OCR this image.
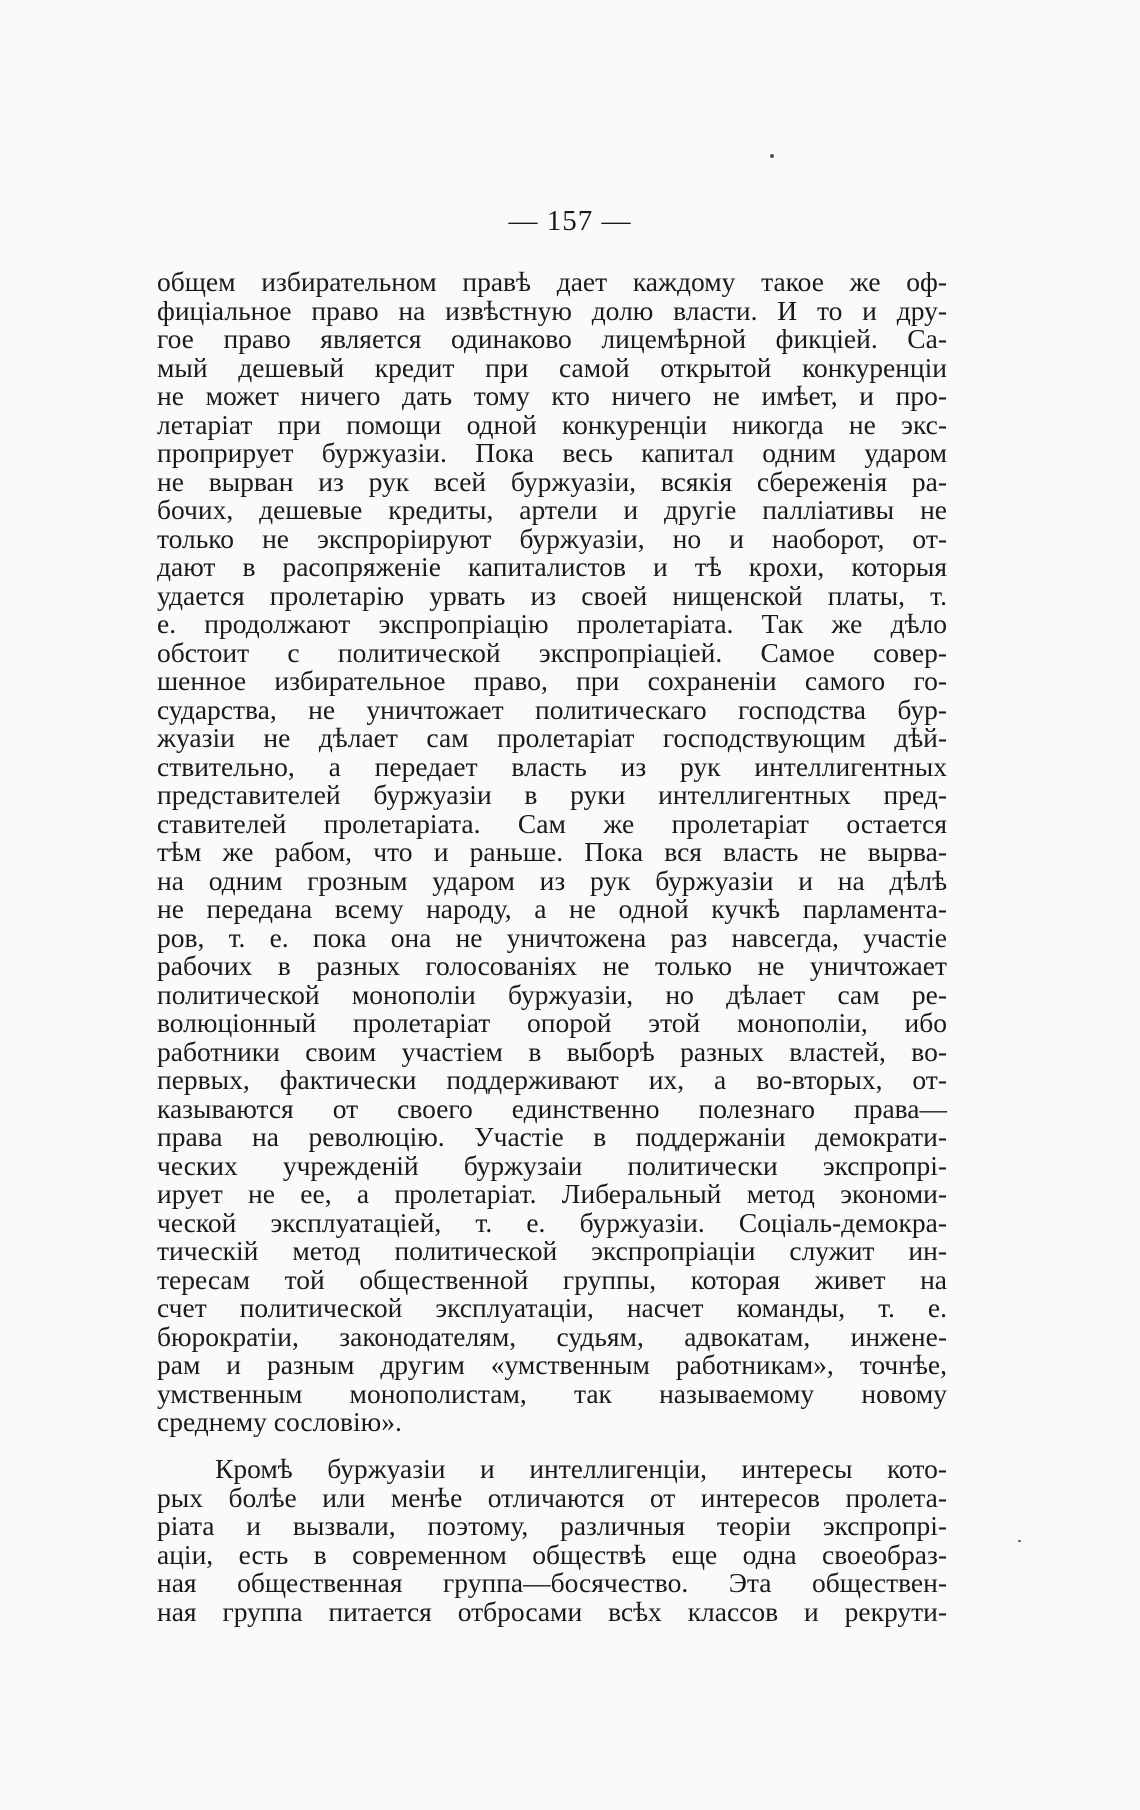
— 157 —
общем избирательном правѣ дает каждому такое же оф-
фиціальное право на извѣстную долю власти. И то и дру-
гое право является одинаково лицемѣрной фикціей. Са-
мый дешевый кредит при самой открытой конкуренціи
не может ничего дать тому кто ничего не имѣет, и про-
летаріат при помощи одной конкуренціи никогда не экс-
проприрует буржуазіи. Пока весь капитал одним ударом
не вырван из рук всей буржуазіи, всякія сбереженія ра-
бочих, дешевые кредиты, артели и другіе палліативы не
только не экспроріируют буржуазіи, но и наоборот, от-
дают в расопряженіе капиталистов и тѣ крохи, которыя
удается пролетарію урвать из своей нищенской платы, т.
е. продолжают экспропріацію пролетаріата. Так же дѣло
обстоит с политической экспропріаціей. Самое совер-
шенное избирательное право, при сохраненіи самого го-
сударства, не уничтожает политическаго господства бур-
жуазіи не дѣлает сам пролетаріат господствующим дѣй-
ствительно, а передает власть из рук интеллигентных
представителей буржуазіи в руки интеллигентных пред-
ставителей пролетаріата. Сам же пролетаріат остается
тѣм же рабом, что и раньше. Пока вся власть не вырва-
на одним грозным ударом из рук буржуазіи и на дѣлѣ
не передана всему народу, а не одной кучкѣ парламента-
ров, т. е. пока она не уничтожена раз навсегда, участіе
рабочих в разных голосованіях не только не уничтожает
политической монополіи буржуазіи, но дѣлает сам ре-
волюціонный пролетаріат опорой этой монополіи, ибо
работники своим участіем в выборѣ разных властей, во-
первых, фактически поддерживают их, а во-вторых, от-
казываются от своего единственно полезнаго права—
права на революцію. Участіе в поддержаніи демократи-
ческих учрежденій буржузаіи политически экспропрі-
ирует не ее, а пролетаріат. Либеральный метод экономи-
ческой эксплуатаціей, т. е. буржуазіи. Соціаль-демокра-
тическій метод политической экспропріаціи служит ин-
тересам той общественной группы, которая живет на
счет политической эксплуатаціи, насчет команды, т. е.
бюрократіи, законодателям, судьям, адвокатам, инжене-
рам и разным другим «умственным работникам», точнѣе,
умственным монополистам, так называемому новому
среднему сословію».
Кромѣ буржуазіи и интеллигенціи, интересы кото-
рых болѣе или менѣе отличаются от интересов пролета-
ріата и вызвали, поэтому, различныя теоріи экспропрі-
аціи, есть в современном обществѣ еще одна своеобраз-
ная общественная группа—босячество. Эта обществен-
ная группа питается отбросами всѣх классов и рекрути-
